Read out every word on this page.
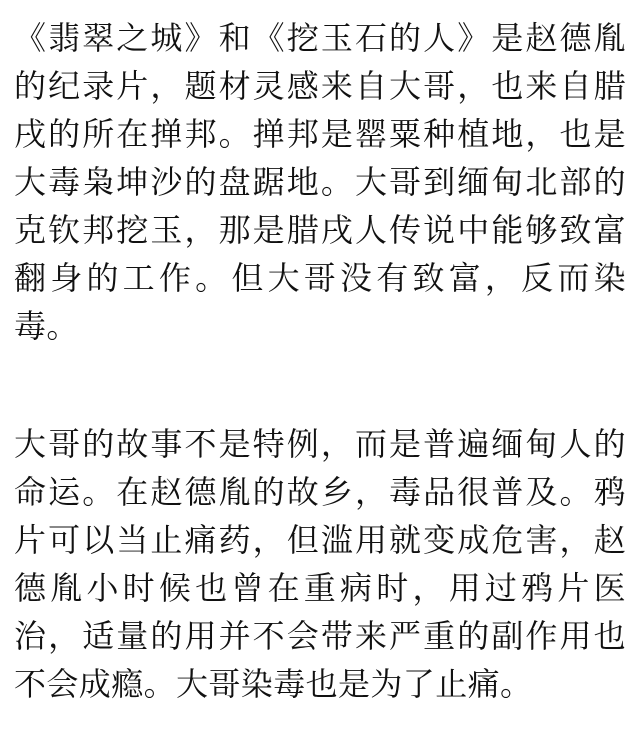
《翡翠之城》和《挖玉石的人》是赵德胤的纪录片，题材灵感来自大哥，也来自腊戌的所在掸邦。掸邦是罂粟种植地，也是大毒枭坤沙的盘踞地。大哥到缅甸北部的克钦邦挖玉，那是腊戌人传说中能够致富翻身的工作。但大哥没有致富，反而染毒。

大哥的故事不是特例，而是普遍缅甸人的命运。在赵德胤的故乡，毒品很普及。鸦片可以当止痛药，但滥用就变成危害，赵德胤小时候也曾在重病时，用过鸦片医治，适量的用并不会带来严重的副作用也不会成瘾。大哥染毒也是为了止痛。
